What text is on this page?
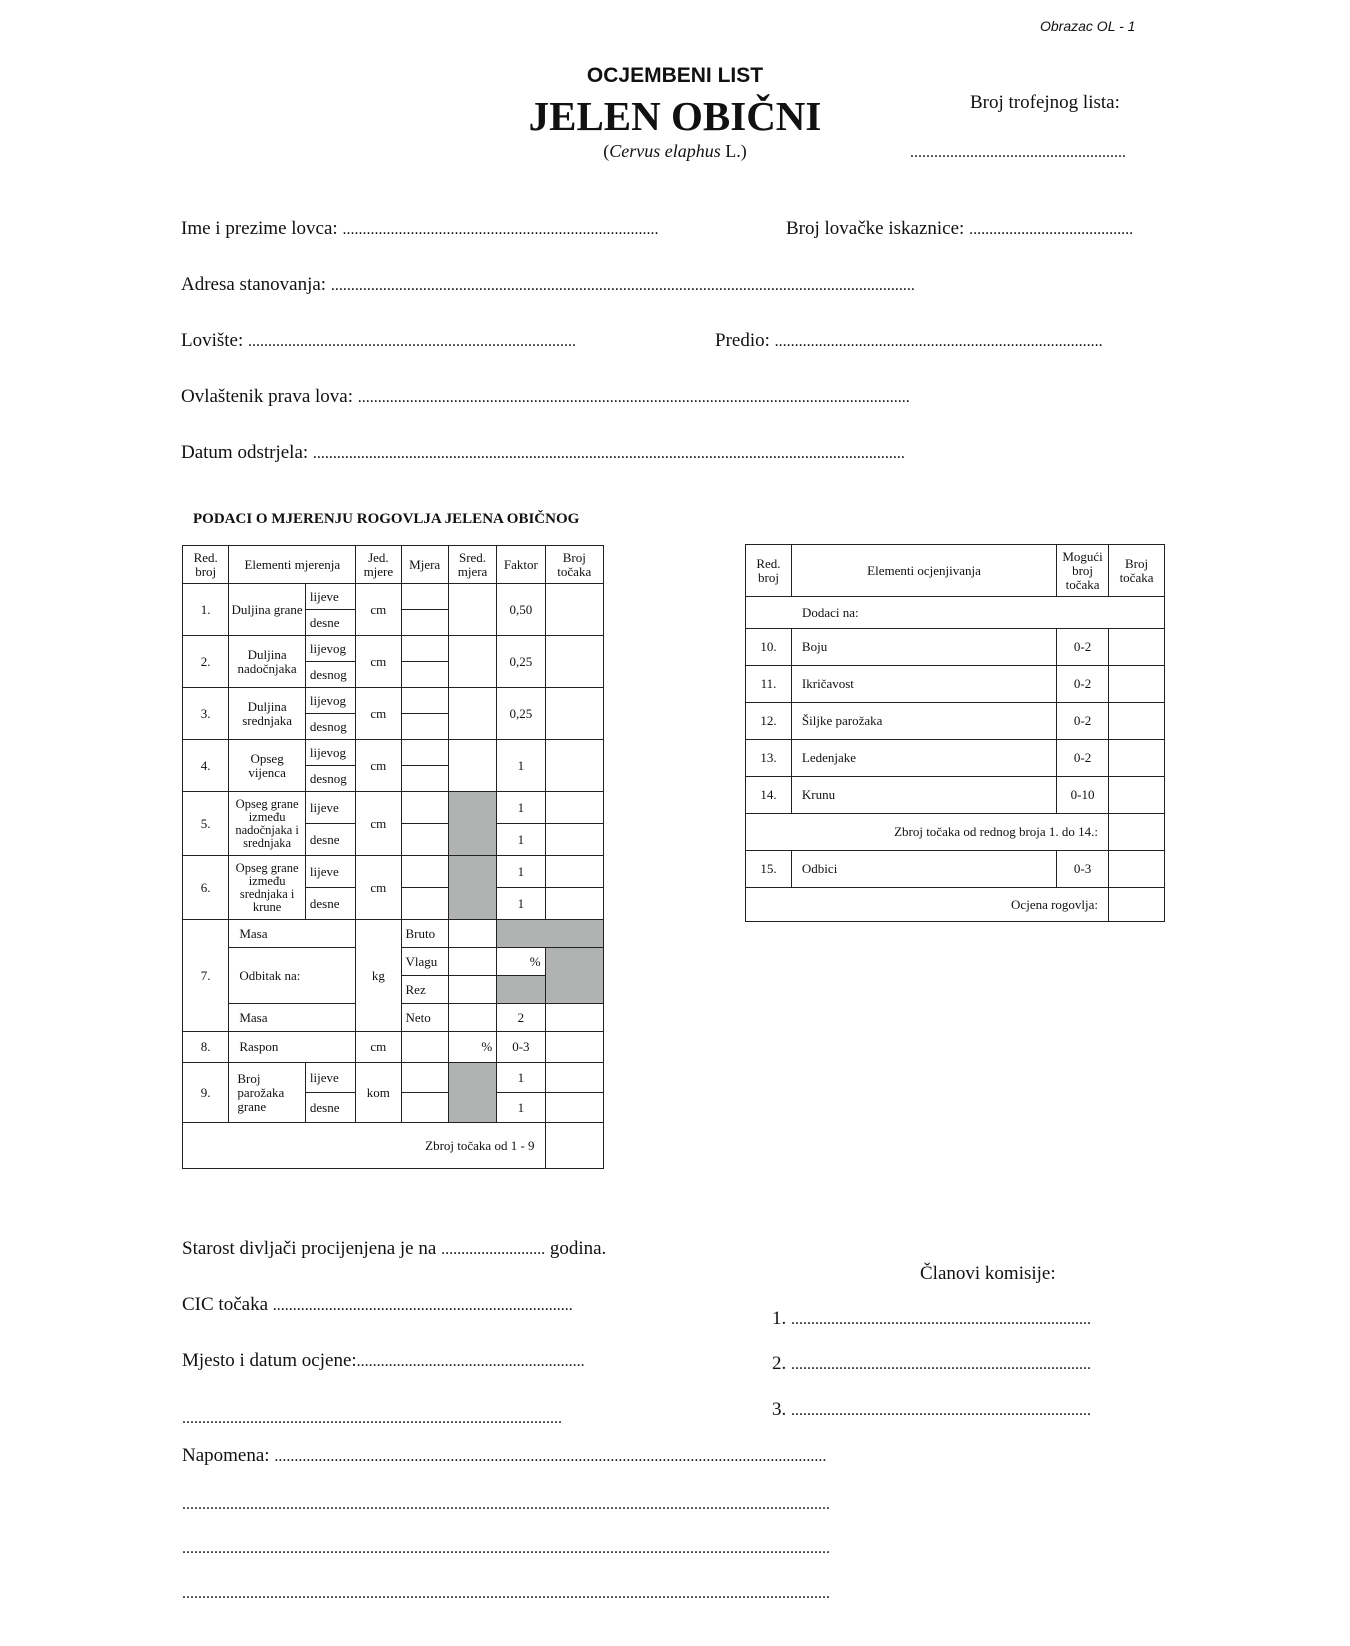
Obrazac OL - 1
OCJEMBENI LIST
JELEN OBIČNI
(Cervus elaphus L.)
Broj trofejnog lista:
......................................................
Ime i prezime lovca: ...............................................................................	Broj lovačke iskaznice: .........................................
Adresa stanovanja: ..................................................................................................................................................
Lovište: ..................................................................................	Predio: ..................................................................................
Ovlaštenik prava lova: ..........................................................................................................................................
Datum odstrjela: ....................................................................................................................................................
PODACI O MJERENJU ROGOVLJA JELENA OBIČNOG
Red. broj	Elementi mjerenja		Jed. mjere	Mjera	Sred. mjera	Faktor	Broj točaka
1.	Duljina grane	lijeve	cm			0,50	
		desne					
2.	Duljina nadočnjaka	lijevog	cm			0,25	
		desnog					
3.	Duljina srednjaka	lijevog	cm			0,25	
		desnog					
4.	Opseg vijenca	lijevog	cm			1	
		desnog					
5.	Opseg grane između nadočnjaka i srednjaka	lijeve	cm			1	
		desne				1	
6.	Opseg grane između srednjaka i krune	lijeve	cm			1	
		desne				1	
7.	Masa		kg	Bruto			
	Odbitak na:			Vlagu		%	
				Rez			
	Masa			Neto		2	
8.	Raspon		cm		%	0-3	
9.	Broj parožaka grane	lijeve	kom			1	
		desne				1	
Zbroj točaka od 1 - 9							
Red. broj	Elementi ocjenjivanja	Mogući broj točaka	Broj točaka
Dodaci na:			
10.	Boju	0-2	
11.	Ikričavost	0-2	
12.	Šiljke parožaka	0-2	
13.	Ledenjake	0-2	
14.	Krunu	0-10	
Zbroj točaka od rednog broja 1. do 14.:			
15.	Odbici	0-3	
Ocjena rogovlja:			
Starost divljači procijenjena je na .......................... godina.
CIC točaka ...........................................................................
Mjesto i datum ocjene:.........................................................
...............................................................................................
Članovi komisije:
1. ...........................................................................
2. ...........................................................................
3. ...........................................................................
Napomena: ..........................................................................................................................................
..................................................................................................................................................................
..................................................................................................................................................................
..................................................................................................................................................................
